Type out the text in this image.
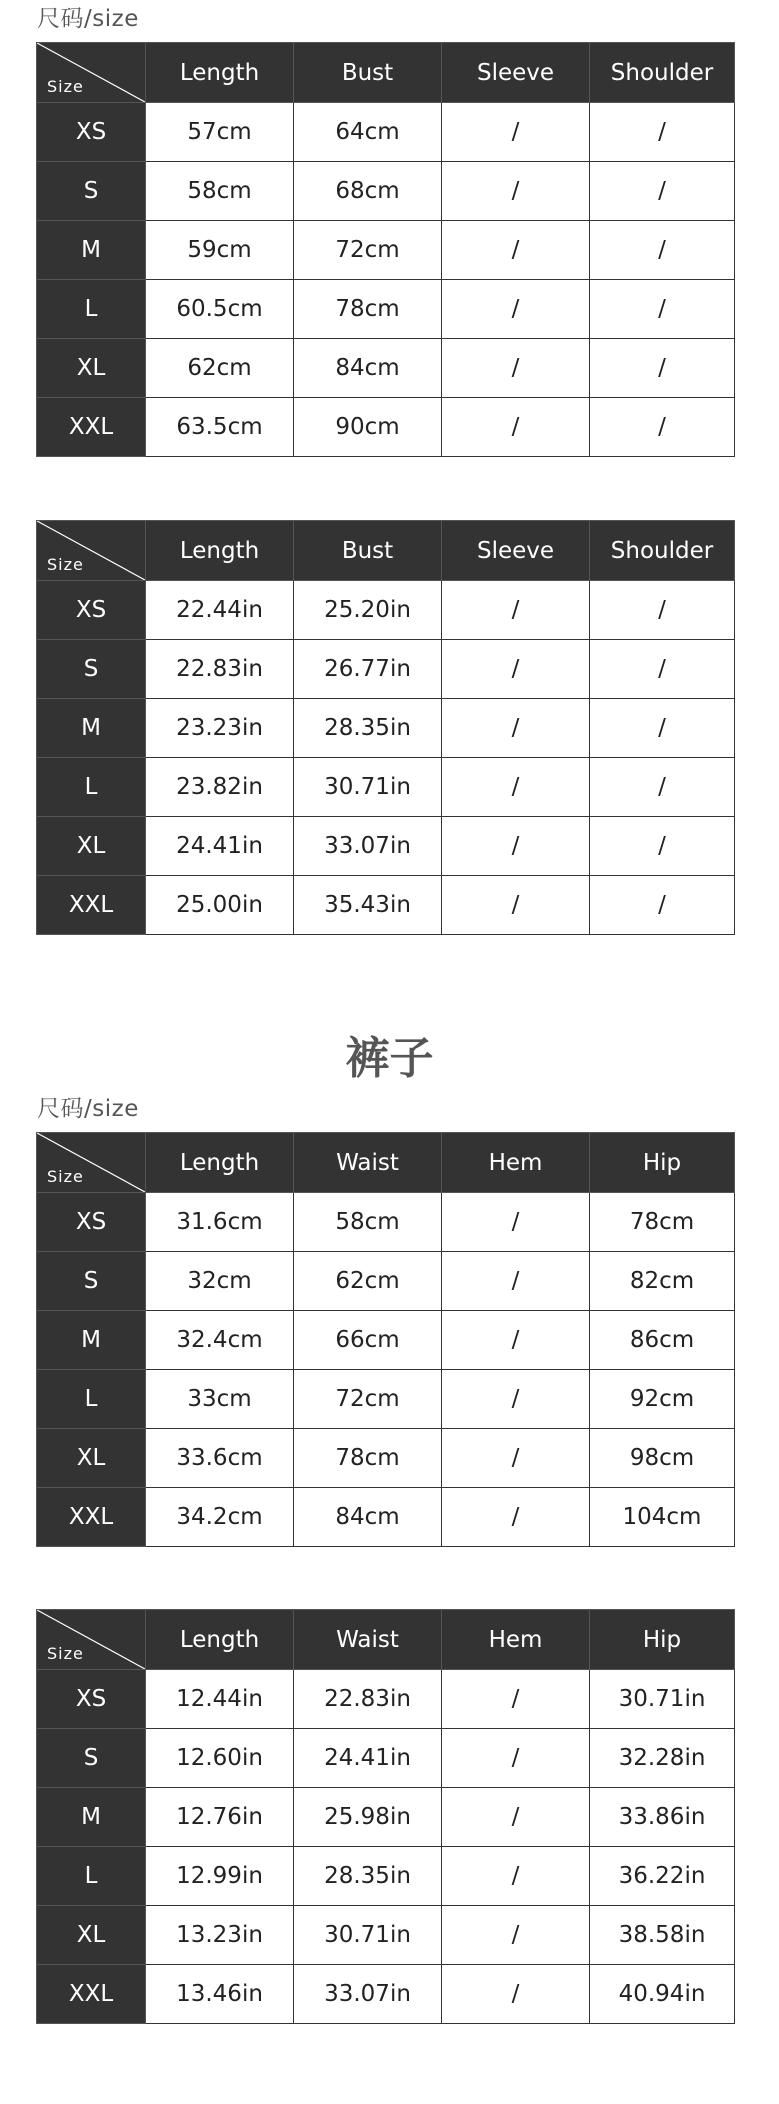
尺码/size
Size	Length	Bust	Sleeve	Shoulder
XS	57cm	64cm	/	/
S	58cm	68cm	/	/
M	59cm	72cm	/	/
L	60.5cm	78cm	/	/
XL	62cm	84cm	/	/
XXL	63.5cm	90cm	/	/
Size	Length	Bust	Sleeve	Shoulder
XS	22.44in	25.20in	/	/
S	22.83in	26.77in	/	/
M	23.23in	28.35in	/	/
L	23.82in	30.71in	/	/
XL	24.41in	33.07in	/	/
XXL	25.00in	35.43in	/	/
裤子
尺码/size
Size	Length	Waist	Hem	Hip
XS	31.6cm	58cm	/	78cm
S	32cm	62cm	/	82cm
M	32.4cm	66cm	/	86cm
L	33cm	72cm	/	92cm
XL	33.6cm	78cm	/	98cm
XXL	34.2cm	84cm	/	104cm
Size	Length	Waist	Hem	Hip
XS	12.44in	22.83in	/	30.71in
S	12.60in	24.41in	/	32.28in
M	12.76in	25.98in	/	33.86in
L	12.99in	28.35in	/	36.22in
XL	13.23in	30.71in	/	38.58in
XXL	13.46in	33.07in	/	40.94in
